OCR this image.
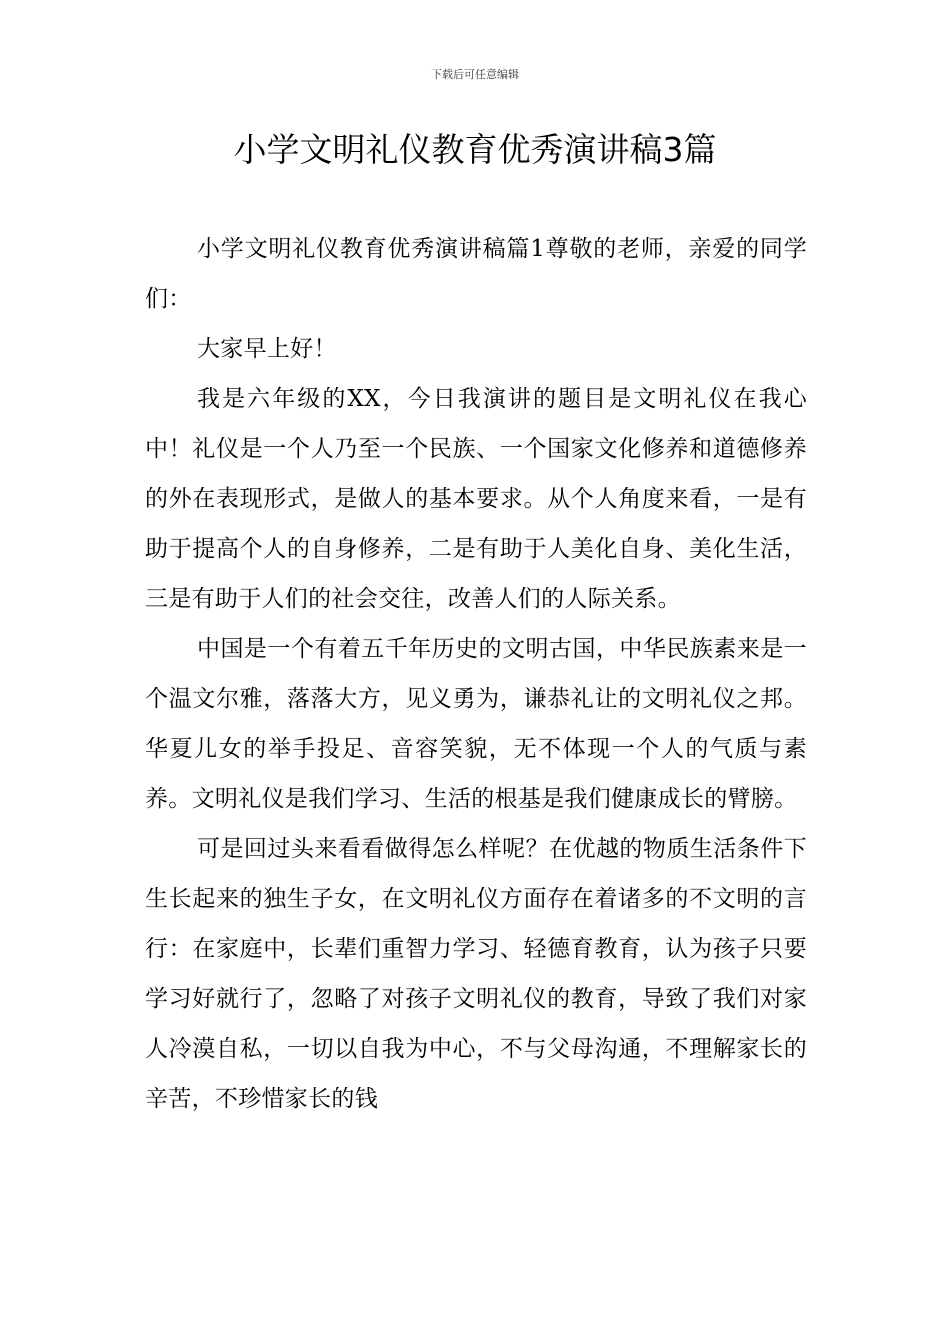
下载后可任意编辑
小学文明礼仪教育优秀演讲稿3篇

小学文明礼仪教育优秀演讲稿篇1尊敬的老师，亲爱的同学们：

大家早上好！

我是六年级的XX，今日我演讲的题目是文明礼仪在我心中！礼仪是一个人乃至一个民族、一个国家文化修养和道德修养的外在表现形式，是做人的基本要求。从个人角度来看，一是有助于提高个人的自身修养，二是有助于人美化自身、美化生活，三是有助于人们的社会交往，改善人们的人际关系。

中国是一个有着五千年历史的文明古国，中华民族素来是一个温文尔雅，落落大方，见义勇为，谦恭礼让的文明礼仪之邦。华夏儿女的举手投足、音容笑貌，无不体现一个人的气质与素养。文明礼仪是我们学习、生活的根基是我们健康成长的臂膀。

可是回过头来看看做得怎么样呢？在优越的物质生活条件下生长起来的独生子女，在文明礼仪方面存在着诸多的不文明的言行：在家庭中，长辈们重智力学习、轻德育教育，认为孩子只要学习好就行了，忽略了对孩子文明礼仪的教育，导致了我们对家人冷漠自私，一切以自我为中心，不与父母沟通，不理解家长的辛苦，不珍惜家长的钱
